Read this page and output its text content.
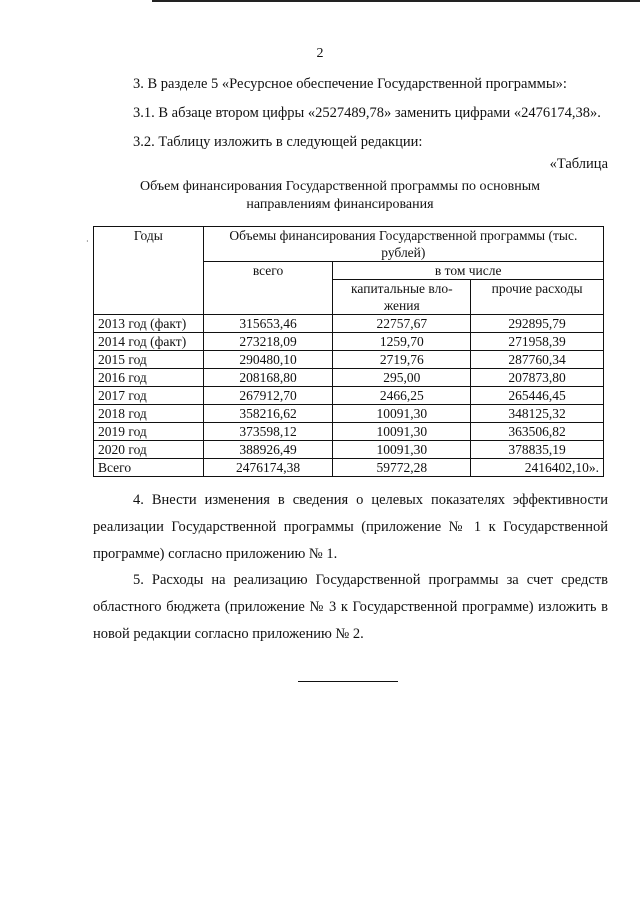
2
3. В разделе 5 «Ресурсное обеспечение Государственной программы»:
3.1. В абзаце втором цифры «2527489,78» заменить цифрами «2476174,38».
3.2. Таблицу изложить в следующей редакции:
«Таблица
Объем финансирования Государственной программы по основным направлениям финансирования
·	Годы	Объемы финансирования Государственной программы (тыс. рублей)		
	всего	в том числе	
		капитальные вло-жения	прочие расходы
2013 год (факт)	315653,46	22757,67	292895,79
2014 год (факт)	273218,09	1259,70	271958,39
2015 год	290480,10	2719,76	287760,34
2016 год	208168,80	295,00	207873,80
2017 год	267912,70	2466,25	265446,45
2018 год	358216,62	10091,30	348125,32
2019 год	373598,12	10091,30	363506,82
2020 год	388926,49	10091,30	378835,19
Всего	2476174,38	59772,28	2416402,10».
4. Внести изменения в сведения о целевых показателях эффективности реализации Государственной программы (приложение № 1 к Государственной программе) согласно приложению № 1.
5. Расходы на реализацию Государственной программы за счет средств областного бюджета (приложение № 3 к Государственной программе) изложить в новой редакции согласно приложению № 2.
